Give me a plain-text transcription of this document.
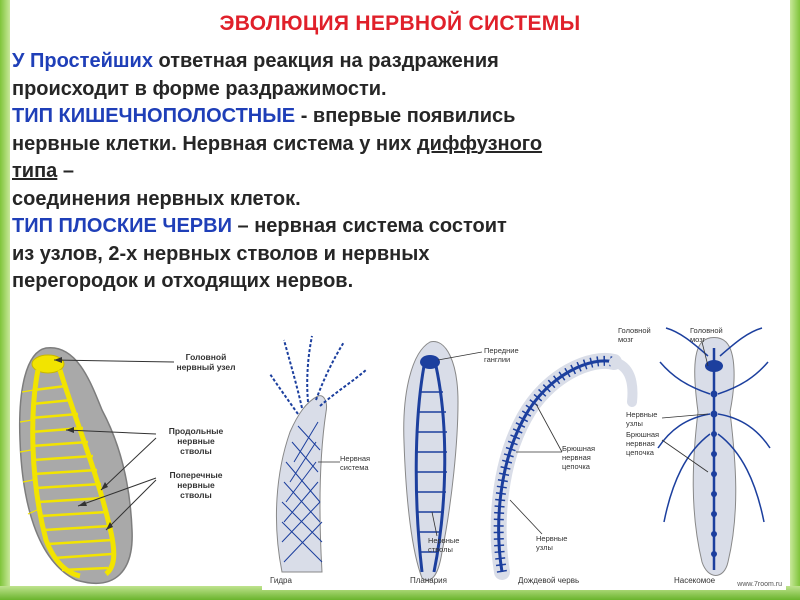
ЭВОЛЮЦИЯ НЕРВНОЙ СИСТЕМЫ

У Простейших ответная реакция на раздражения

происходит в форме раздражимости.

ТИП КИШЕЧНОПОЛОСТНЫЕ - впервые появились

нервные клетки. Нервная система у них диффузного

типа –

соединения нервных клеток.

ТИП ПЛОСКИЕ ЧЕРВИ – нервная система состоит

из узлов, 2-х нервных стволов и нервных

перегородок и отходящих нервов.

Головной
нервный узел
Продольные
нервные
стволы
Поперечные
нервные
стволы
Нервная
система
Передние
ганглии
Нервные
стволы
Брюшная
нервная
цепочка
Нервные
узлы
Головной
мозг
Головной
мозг
Нервные
узлы
Брюшная
нервная
цепочка
Гидра	Планария	Дождевой червь	Насекомое	www.7room.ru
